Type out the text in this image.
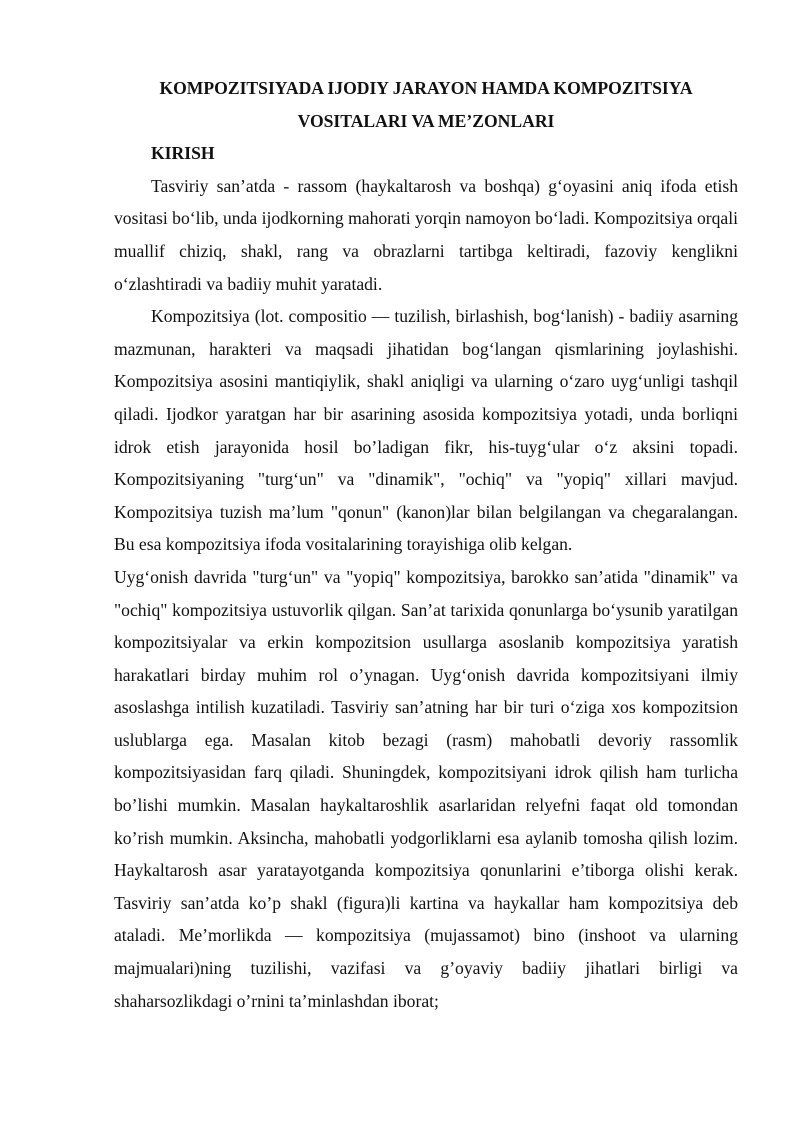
KOMPOZITSIYADA IJODIY JARAYON HAMDA KOMPOZITSIYA
VOSITALARI VA ME’ZONLARI

KIRISH

Tasviriy san’atda - rassom (haykaltarosh va boshqa) g‘oyasini aniq ifoda etish vositasi bo‘lib, unda ijodkorning mahorati yorqin namoyon bo‘ladi. Kompozitsiya orqali muallif chiziq, shakl, rang va obrazlarni tartibga keltiradi, fazoviy kenglikni o‘zlashtiradi va badiiy muhit yaratadi.

Kompozitsiya (lot. compositio — tuzilish, birlashish, bog‘lanish) - badiiy asarning mazmunan, harakteri va maqsadi jihatidan bog‘langan qismlarining joylashishi. Kompozitsiya asosini mantiqiylik, shakl aniqligi va ularning o‘zaro uyg‘unligi tashqil qiladi. Ijodkor yaratgan har bir asarining asosida kompozitsiya yotadi, unda borliqni idrok etish jarayonida hosil bo’ladigan fikr, his-tuyg‘ular o‘z aksini topadi. Kompozitsiyaning "turg‘un" va "dinamik", "ochiq" va "yopiq" xillari mavjud. Kompozitsiya tuzish ma’lum "qonun" (kanon)lar bilan belgilangan va chegaralangan. Bu esa kompozitsiya ifoda vositalarining torayishiga olib kelgan.

Uyg‘onish davrida "turg‘un" va "yopiq" kompozitsiya, barokko san’atida "dinamik" va "ochiq" kompozitsiya ustuvorlik qilgan. San’at tarixida qonunlarga bo‘ysunib yaratilgan kompozitsiyalar va erkin kompozitsion usullarga asoslanib kompozitsiya yaratish harakatlari birday muhim rol o’ynagan. Uyg‘onish davrida kompozitsiyani ilmiy asoslashga intilish kuzatiladi. Tasviriy san’atning har bir turi o‘ziga xos kompozitsion uslublarga ega. Masalan kitob bezagi (rasm) mahobatli devoriy rassomlik kompozitsiyasidan farq qiladi. Shuningdek, kompozitsiyani idrok qilish ham turlicha bo’lishi mumkin. Masalan haykaltaroshlik asarlaridan relyefni faqat old tomondan ko’rish mumkin. Aksincha, mahobatli yodgorliklarni esa aylanib tomosha qilish lozim. Haykaltarosh asar yaratayotganda kompozitsiya qonunlarini e’tiborga olishi kerak. Tasviriy san’atda ko’p shakl (figura)li kartina va haykallar ham kompozitsiya deb ataladi. Me’morlikda — kompozitsiya (mujassamot) bino (inshoot va ularning majmualari)ning tuzilishi, vazifasi va g’oyaviy badiiy jihatlari birligi va shaharsozlikdagi o’rnini ta’minlashdan iborat;
